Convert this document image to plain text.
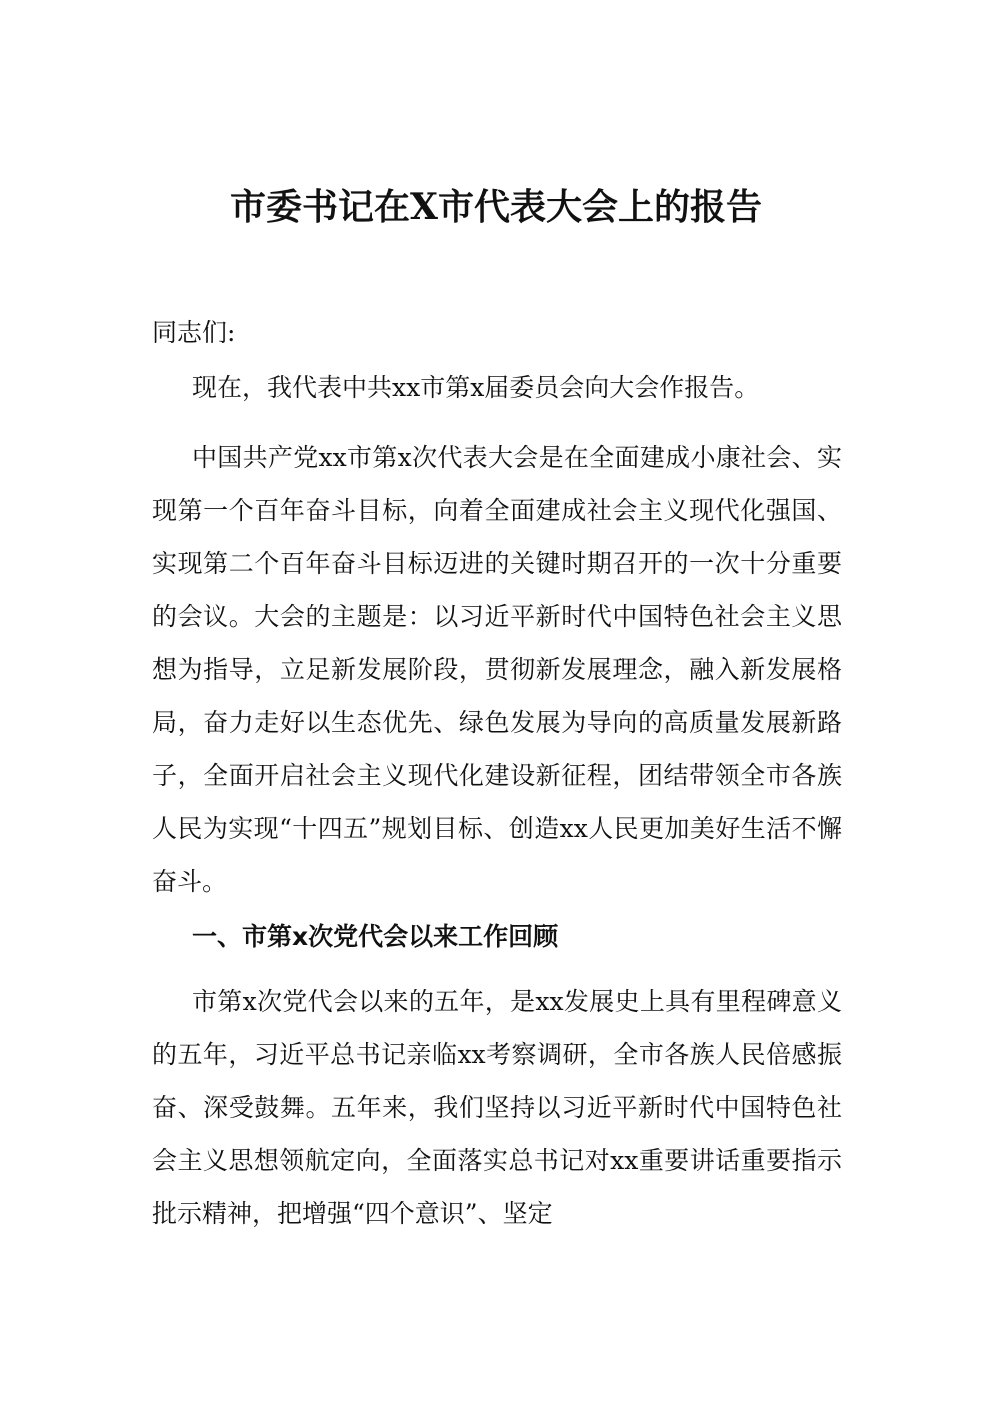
市委书记在X市代表大会上的报告

同志们:

现在，我代表中共xx市第x届委员会向大会作报告。

中国共产党xx市第x次代表大会是在全面建成小康社会、实现第一个百年奋斗目标，向着全面建成社会主义现代化强国、实现第二个百年奋斗目标迈进的关键时期召开的一次十分重要的会议。大会的主题是：以习近平新时代中国特色社会主义思想为指导，立足新发展阶段，贯彻新发展理念，融入新发展格局，奋力走好以生态优先、绿色发展为导向的高质量发展新路子，全面开启社会主义现代化建设新征程，团结带领全市各族人民为实现“十四五”规划目标、创造xx人民更加美好生活不懈奋斗。

一、市第x次党代会以来工作回顾

市第x次党代会以来的五年，是xx发展史上具有里程碑意义的五年，习近平总书记亲临xx考察调研，全市各族人民倍感振奋、深受鼓舞。五年来，我们坚持以习近平新时代中国特色社会主义思想领航定向，全面落实总书记对xx重要讲话重要指示批示精神，把增强“四个意识”、坚定
